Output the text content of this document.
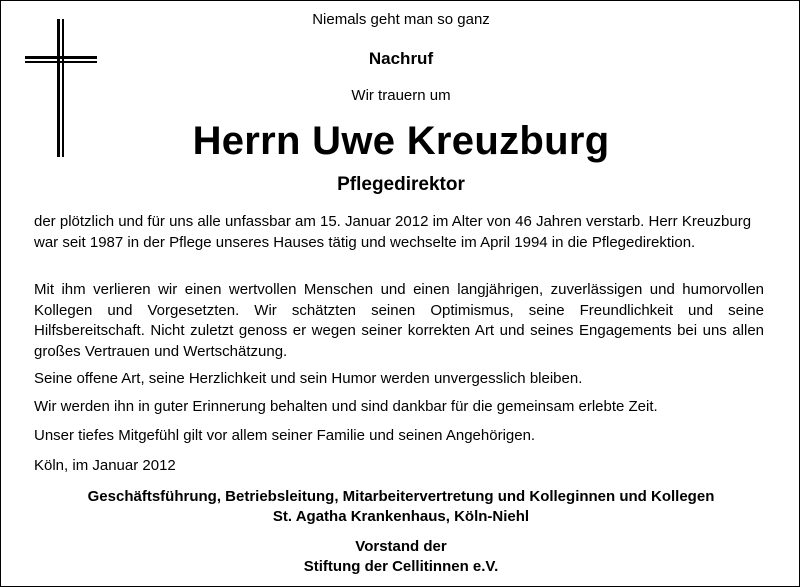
Niemals geht man so ganz
Nachruf
Wir trauern um
Herrn Uwe Kreuzburg
Pflegedirektor
der plötzlich und für uns alle unfassbar am 15. Januar 2012 im Alter von 46 Jahren verstarb. Herr Kreuzburg war seit 1987 in der Pflege unseres Hauses tätig und wechselte im April 1994 in die Pflegedirektion.
Mit ihm verlieren wir einen wertvollen Menschen und einen langjährigen, zuverlässigen und humorvollen Kollegen und Vorgesetzten. Wir schätzten seinen Optimismus, seine Freundlichkeit und seine Hilfsbereitschaft. Nicht zuletzt genoss er wegen seiner korrekten Art und seines Engagements bei uns allen großes Vertrauen und Wertschätzung.
Seine offene Art, seine Herzlichkeit und sein Humor werden unvergesslich bleiben.
Wir werden ihn in guter Erinnerung behalten und sind dankbar für die gemeinsam erlebte Zeit.
Unser tiefes Mitgefühl gilt vor allem seiner Familie und seinen Angehörigen.
Köln, im Januar 2012
Geschäftsführung, Betriebsleitung, Mitarbeitervertretung und Kolleginnen und Kollegen
St. Agatha Krankenhaus, Köln-Niehl
Vorstand der
Stiftung der Cellitinnen e.V.
